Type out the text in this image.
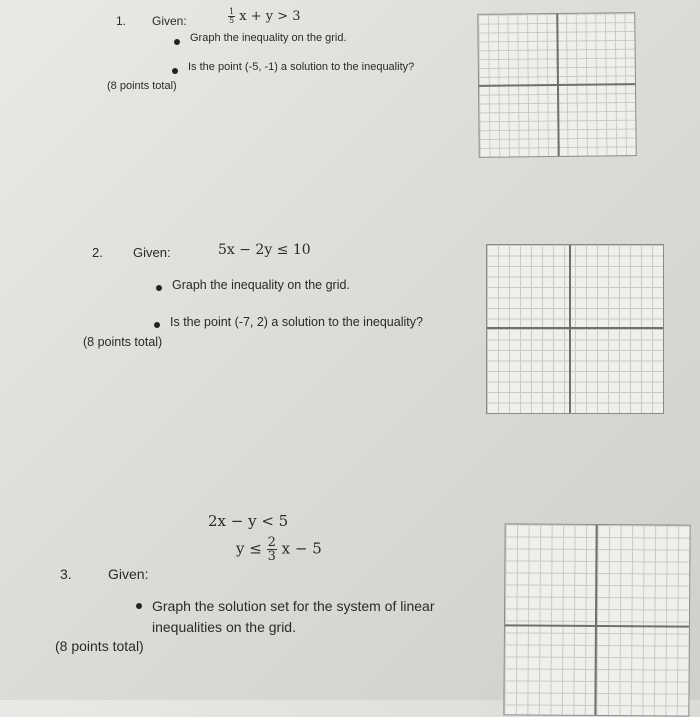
1. Given:	$\frac{1}{5}$ x + y > 3
Graph the inequality on the grid.
Is the point (-5, -1) a solution to the inequality?
(8 points total)
2. Given:	5x − 2y ≤ 10
Graph the inequality on the grid.
Is the point (-7, 2) a solution to the inequality?
(8 points total)
2x − y < 5
$y \le \frac{2}{3}$ x − 5
3.	Given:
Graph the solution set for the system of linear
inequalities on the grid.
(8 points total)
